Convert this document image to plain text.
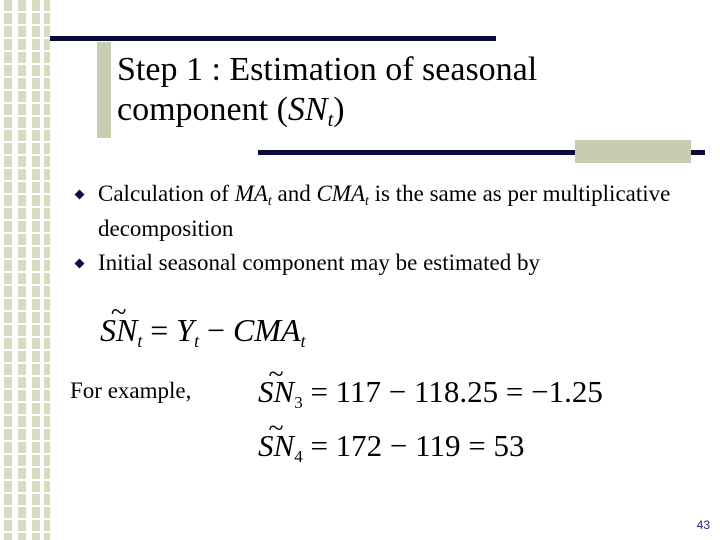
Step 1 : Estimation of seasonal
component (SNt)
Calculation of MAt and CMAt is the same as per multiplicative decomposition
Initial seasonal component may be estimated by
~ $SN_t = Y_t - CMA_t$
For example,
~ SN3 = 117 − 118.25 = −1.25
~ SN4 = 172 − 119 = 53
43
